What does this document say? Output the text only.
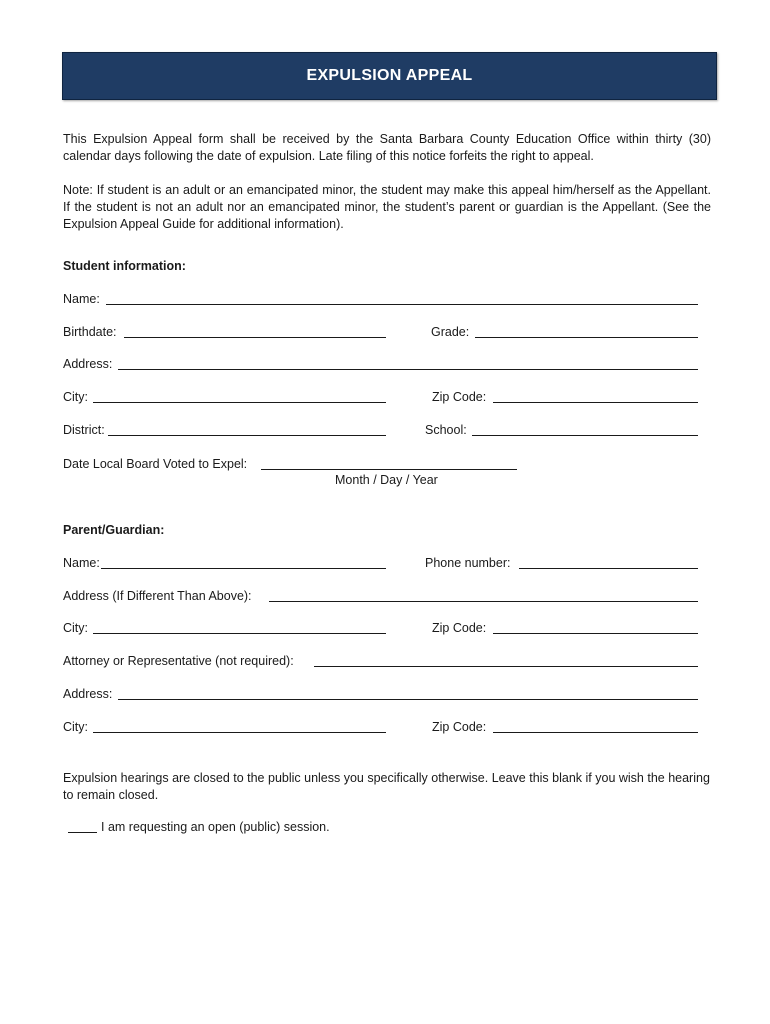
EXPULSION APPEAL

This Expulsion Appeal form shall be received by the Santa Barbara County Education Office within thirty (30) calendar days following the date of expulsion. Late filing of this notice forfeits the right to appeal.

Note: If student is an adult or an emancipated minor, the student may make this appeal him/herself as the Appellant. If the student is not an adult nor an emancipated minor, the student’s parent or guardian is the Appellant. (See the Expulsion Appeal Guide for additional information).

Student information:

Name:
Birthdate:	Grade:
Address:
City:	Zip Code:
District:	School:
Date Local Board Voted to Expel:
Month / Day / Year

Parent/Guardian:

Name:	Phone number:
Address (If Different Than Above):
City:	Zip Code:
Attorney or Representative (not required):
Address:
City:	Zip Code:

Expulsion hearings are closed to the public unless you specifically otherwise. Leave this blank if you wish the hearing to remain closed.

I am requesting an open (public) session.
